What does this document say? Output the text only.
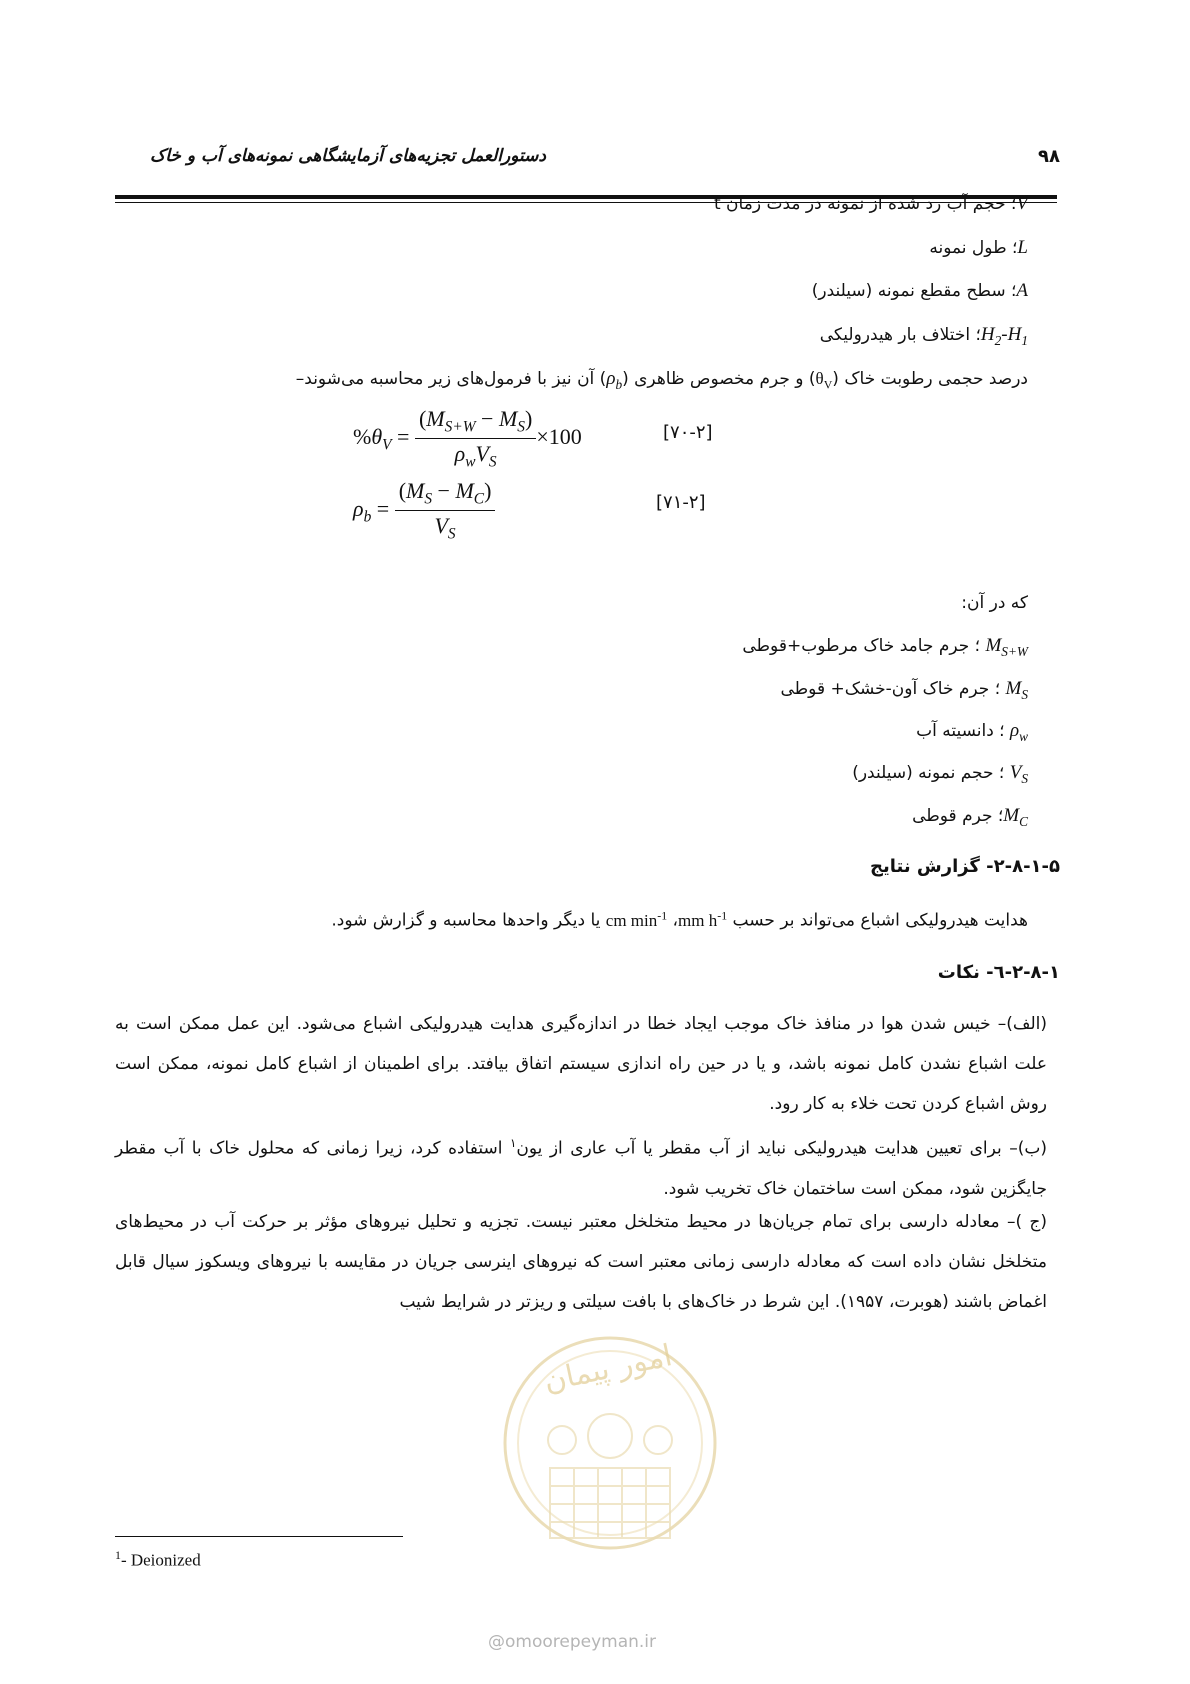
دستورالعمل تجزیه‌های آزمایشگاهی نمونه‌های آب و خاک	۹۸
V؛ حجم آب رد شده از نمونه در مدت زمان t
L؛ طول نمونه
A؛ سطح مقطع نمونه (سیلندر)
$H_2-H_1؛$ اختلاف بار هیدرولیکی
درصد حجمی رطوبت خاک $(\theta_V)$ و جرم مخصوص ظاهری $(\rho_b)$ آن نیز با فرمول‌های زیر محاسبه می‌شوند–
$\%\theta_V = \frac{(M_{S+W} - M_S)}{\rho_wV_S} \times 100$	[۷۰-۲]
$\rho_b = \frac{(M_S - M_C)}{V_S}$	[۷۱-۲]
که در آن:
$M_{S+W}$ ؛ جرم جامد خاک مرطوب+قوطی
$M_S$ ؛ جرم خاک آون-خشک+ قوطی
$\rho_w$ ؛ دانسیته آب
$V_S$ ؛ حجم نمونه (سیلندر)
$M_C؛$ جرم قوطی
۲-۸-۱-۵- گزارش نتایج
هدایت هیدرولیکی اشباع می‌تواند بر حسب mm $h^{-1}،$ cm $\min^{-1}$ یا دیگر واحدها محاسبه و گزارش شود.
۲-۸-۱-٦- نکات
(الف)– خیس شدن هوا در منافذ خاک موجب ایجاد خطا در اندازه‌گیری هدایت هیدرولیکی اشباع می‌شود. این عمل ممکن است به علت اشباع نشدن کامل نمونه باشد، و یا در حین راه اندازی سیستم اتفاق بیافتد. برای اطمینان از اشباع کامل نمونه، ممکن است روش اشباع کردن تحت خلاء به کار رود.
(ب)– برای تعیین هدایت هیدرولیکی نباید از آب مقطر یا آب عاری از یون$^۱$ استفاده کرد، زیرا زمانی که محلول خاک با آب مقطر جایگزین شود، ممکن است ساختمان خاک تخریب شود.
(ج )– معادله دارسی برای تمام جریان‌ها در محیط متخلخل معتبر نیست. تجزیه و تحلیل نیروهای مؤثر بر حرکت آب در محیط‌های متخلخل نشان داده است که معادله دارسی زمانی معتبر است که نیروهای اینرسی جریان در مقایسه با نیروهای ویسکوز سیال قابل اغماض باشند (هوبرت، ۱۹۵۷). این شرط در خاک‌های با بافت سیلتی و ریزتر در شرایط شیب
امور پیمان
$^1$- Deionized
@omoorepeyman.ir
